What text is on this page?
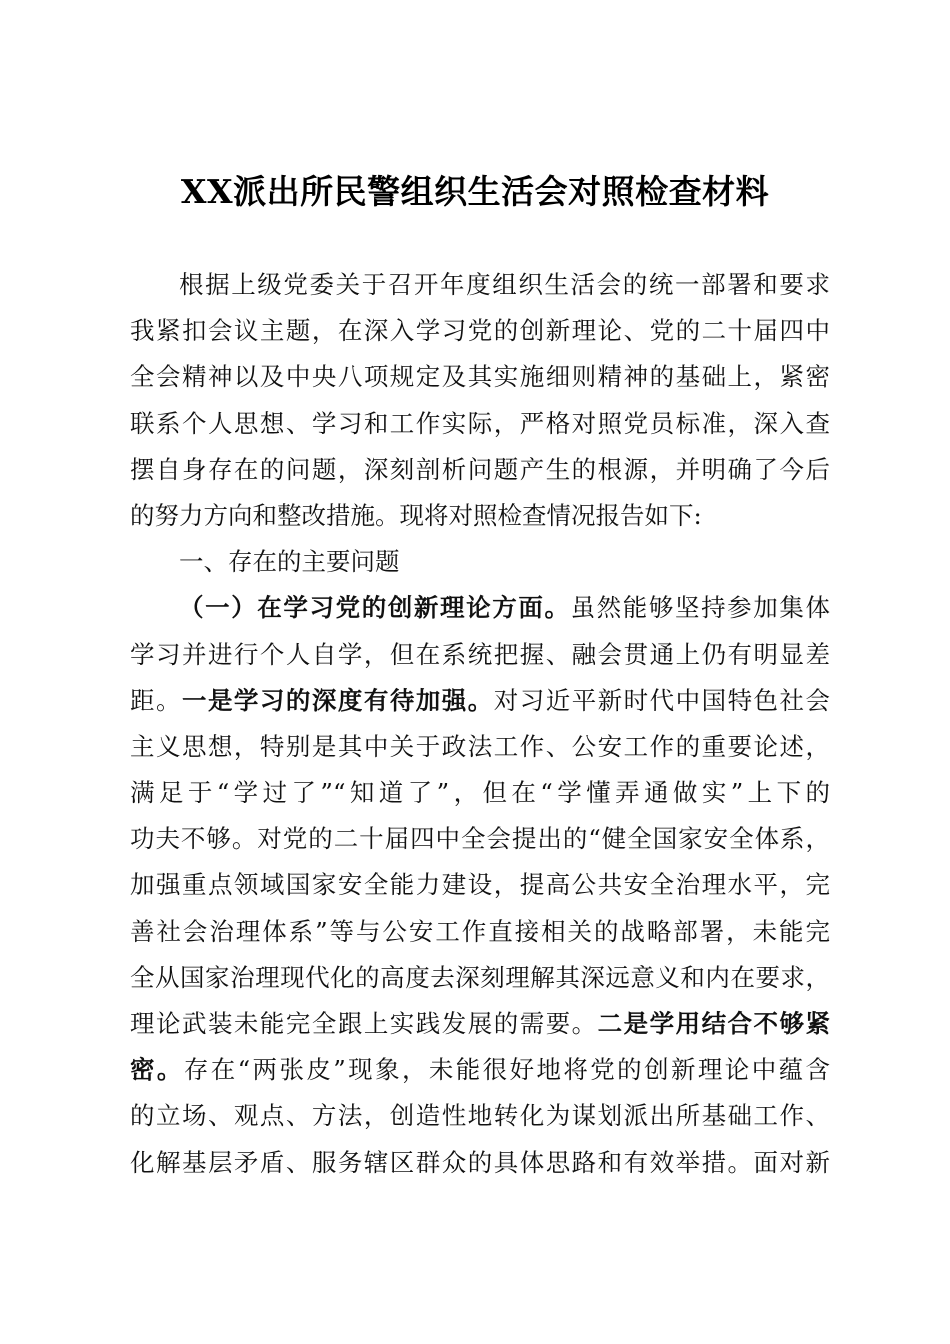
XX派出所民警组织生活会对照检查材料
根据上级党委关于召开年度组织生活会的统一部署和要求
我紧扣会议主题，在深入学习党的创新理论、党的二十届四中
全会精神以及中央八项规定及其实施细则精神的基础上，紧密
联系个人思想、学习和工作实际，严格对照党员标准，深入查
摆自身存在的问题，深刻剖析问题产生的根源，并明确了今后
的努力方向和整改措施。现将对照检查情况报告如下:
一、存在的主要问题
（一）在学习党的创新理论方面。虽然能够坚持参加集体
学习并进行个人自学，但在系统把握、融会贯通上仍有明显差
距。一是学习的深度有待加强。对习近平新时代中国特色社会
主义思想，特别是其中关于政法工作、公安工作的重要论述，
满足于“学过了”“知道了”，但在“学懂弄通做实”上下的
功夫不够。对党的二十届四中全会提出的“健全国家安全体系，
加强重点领域国家安全能力建设，提高公共安全治理水平，完
善社会治理体系”等与公安工作直接相关的战略部署，未能完
全从国家治理现代化的高度去深刻理解其深远意义和内在要求，
理论武装未能完全跟上实践发展的需要。二是学用结合不够紧
密。存在“两张皮”现象，未能很好地将党的创新理论中蕴含
的立场、观点、方法，创造性地转化为谋划派出所基础工作、
化解基层矛盾、服务辖区群众的具体思路和有效举措。面对新
